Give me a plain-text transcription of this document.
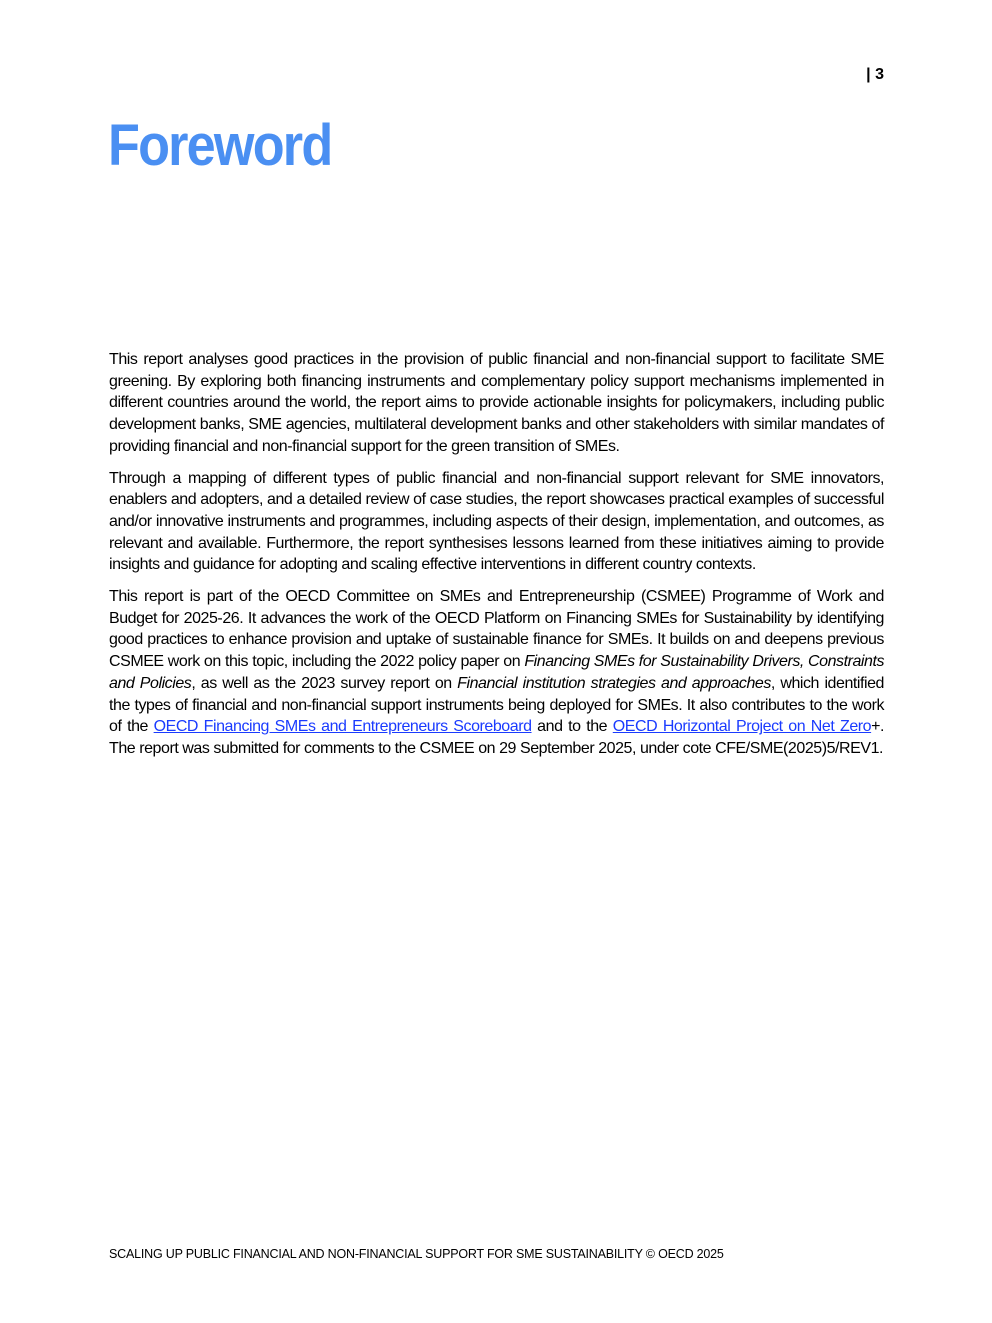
| 3
Foreword

This report analyses good practices in the provision of public financial and non-financial support to facilitate SME greening. By exploring both financing instruments and complementary policy support mechanisms implemented in different countries around the world, the report aims to provide actionable insights for policymakers, including public development banks, SME agencies, multilateral development banks and other stakeholders with similar mandates of providing financial and non-financial support for the green transition of SMEs.

Through a mapping of different types of public financial and non-financial support relevant for SME innovators, enablers and adopters, and a detailed review of case studies, the report showcases practical examples of successful and/or innovative instruments and programmes, including aspects of their design, implementation, and outcomes, as relevant and available. Furthermore, the report synthesises lessons learned from these initiatives aiming to provide insights and guidance for adopting and scaling effective interventions in different country contexts.

This report is part of the OECD Committee on SMEs and Entrepreneurship (CSMEE) Programme of Work and Budget for 2025-26. It advances the work of the OECD Platform on Financing SMEs for Sustainability by identifying good practices to enhance provision and uptake of sustainable finance for SMEs. It builds on and deepens previous CSMEE work on this topic, including the 2022 policy paper on Financing SMEs for Sustainability Drivers, Constraints and Policies, as well as the 2023 survey report on Financial institution strategies and approaches, which identified the types of financial and non-financial support instruments being deployed for SMEs. It also contributes to the work of the OECD Financing SMEs and Entrepreneurs Scoreboard and to the OECD Horizontal Project on Net Zero+. The report was submitted for comments to the CSMEE on 29 September 2025, under cote CFE/SME(2025)5/REV1.

SCALING UP PUBLIC FINANCIAL AND NON-FINANCIAL SUPPORT FOR SME SUSTAINABILITY © OECD 2025
